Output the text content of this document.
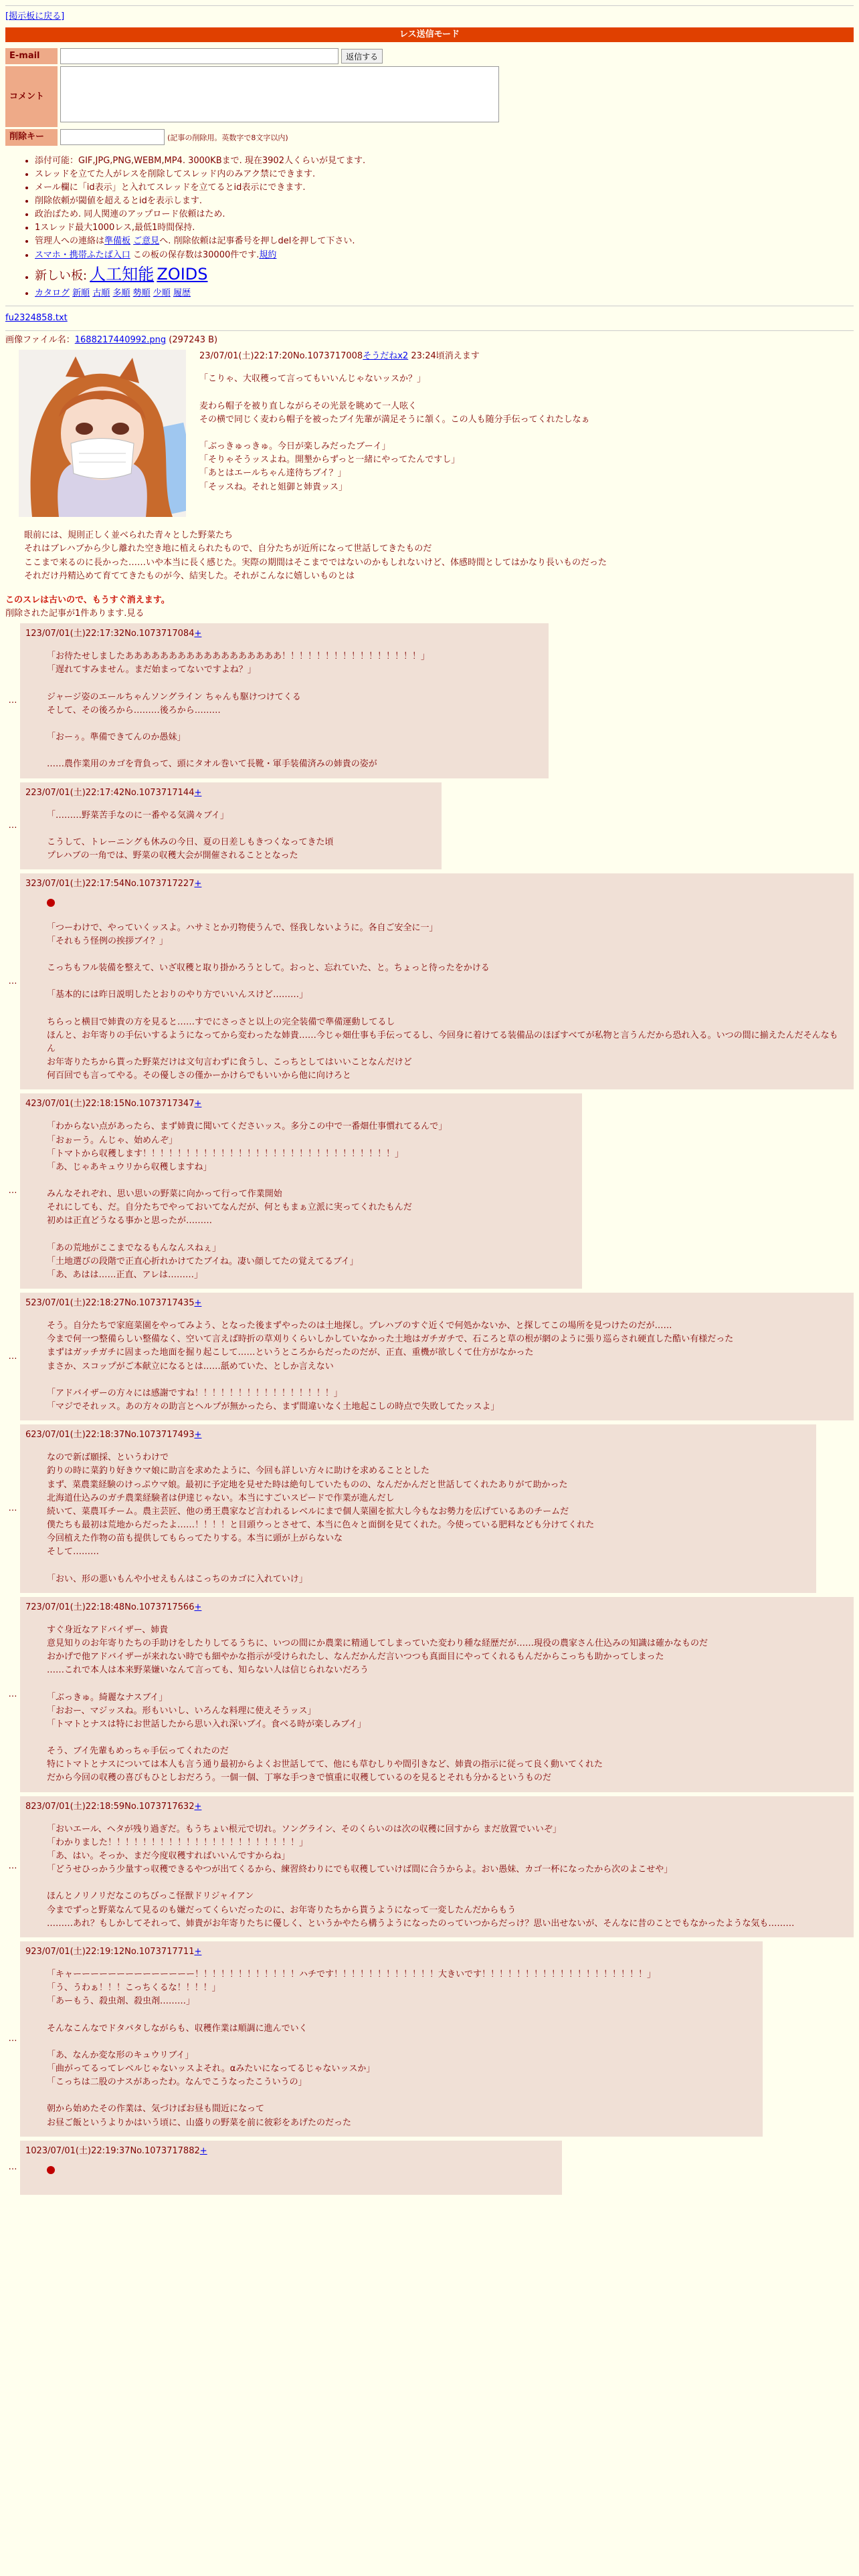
[掲示板に戻る]
レス送信モード
E-mail	返信する
コメント	
削除キー	(記事の削除用。英数字で8文字以内)
• 添付可能：GIF,JPG,PNG,WEBM,MP4. 3000KBまで. 現在3902人くらいが見てます.
• スレッドを立てた人がレスを削除してスレッド内のみアク禁にできます.
• メール欄に「id表示」と入れてスレッドを立てるとid表示にできます.
• 削除依頼が閾値を超えるとidを表示します.
• 政治ばため. 同人関連のアップロード依頼はため.
• 1スレッド最大1000レス,最低1時間保持.
• 管理人への連絡は準備板 ご意見へ. 削除依頼は記事番号を押しdelを押して下さい.
• スマホ・携帯ふたば入口 この板の保存数は30000件です.規約
• 新しい板: 人工知能 ZOIDS
• カタログ 新順 古順 多順 勢順 少順 履歴
fu2324858.txt
画像ファイル名：1688217440992.png (297243 B)
23/07/01(土)22:17:20No.1073717008そうだねx2 23:24頃消えます
「こりゃ、大収穫って言ってもいいんじゃないッスか？」

麦わら帽子を被り直しながらその光景を眺めて一人呟く
その横で同じく麦わら帽子を被ったブイ先輩が満足そうに頷く。この人も随分手伝ってくれたしなぁ

「ぶっきゅっきゅ。今日が楽しみだったブーイ」
「そりゃそうッスよね。開墾からずっと一緒にやってたんですし」
「あとはエールちゃん達待ちブイ？」
「そッスね。それと姐御と姉貴ッス」
眼前には、規則正しく並べられた青々とした野菜たち
それはブレハブから少し離れた空き地に植えられたもので、自分たちが近所になって世話してきたものだ
ここまで来るのに長かった……いや本当に長く感じた。実際の期間はそこまでではないのかもしれないけど、体感時間としてはかなり長いものだった
それだけ丹精込めて育ててきたものが今、結実した。それがこんなに嬉しいものとは
このスレは古いので、もうすぐ消えます。
削除された記事が1件あります.見る
…
123/07/01(土)22:17:32No.1073717084+
「お待たせしましたああああああああああああああああああ！！！！！！！！！！！！！！！！」
「遅れてすみません。まだ始まってないですよね？」

ジャージ姿のエールちゃんソングライン ちゃんも駆けつけてくる
そして、その後ろから………後ろから………

「おーぅ。準備できてんのか愚妹」

……農作業用のカゴを背負って、頭にタオル巻いて長靴・軍手装備済みの姉貴の姿が
…
223/07/01(土)22:17:42No.1073717144+
「………野菜苦手なのに一番やる気満々ブイ」

こうして、トレーニングも休みの今日、夏の日差しもきつくなってきた頃
プレハブの一角では、野菜の収穫大会が開催されることとなった
…
323/07/01(土)22:17:54No.1073717227+
「つーわけで、やっていくッスよ。ハサミとか刃物使うんで、怪我しないように。各自ご安全に一」
「それもう怪例の挨拶ブイ？」

こっちもフル装備を整えて、いざ収穫と取り掛かろうとして。おっと、忘れていた、と。ちょっと待ったをかける

「基本的には昨日説明したとおりのやり方でいいんスけど………」

ちらっと横目で姉貴の方を見ると……すでにさっさと以上の完全装備で準備運動してるし
ほんと、お年寄りの手伝いするようになってから変わったな姉貴……今じゃ畑仕事も手伝ってるし、今回身に着けてる装備品のほぼすべてが私物と言うんだから恐れ入る。いつの間に揃えたんだそんなもん
お年寄りたちから貰った野菜だけは文句言わずに食うし、こっちとしてはいいことなんだけど
何百回でも言ってやる。その優しさの僅かーかけらでもいいから他に向けろと
…
423/07/01(土)22:18:15No.1073717347+
「わからない点があったら、まず姉貴に聞いてくださいッス。多分この中で一番畑仕事慣れてるんで」
「おぉーう。んじゃ、始めんぞ」
「トマトから収穫します！！！！！！！！！！！！！！！！！！！！！！！！！！！！！」
「あ、じゃあキュウリから収穫しますね」

みんなそれぞれ、思い思いの野菜に向かって行って作業開始
それにしても、だ。自分たちでやっておいてなんだが、何ともまぁ立派に実ってくれたもんだ
初めは正直どうなる事かと思ったが………

「あの荒地がここまでなるもんなんスねぇ」
「土地選びの段階で正直心折れかけてたブイね。凄い顔してたの覚えてるブイ」
「あ、あはは……正直、アレは………」
…
523/07/01(土)22:18:27No.1073717435+
そう。自分たちで家庭菜園をやってみよう、となった後まずやったのは土地探し。プレハブのすぐ近くで何処かないか、と探してこの場所を見つけたのだが……
今まで何一つ整備らしい整備なく、空いて言えば時折の草刈りくらいしかしていなかった土地はガチガチで、石ころと草の根が網のように張り巡らされ硬直した酷い有様だった
まずはガッチガチに固まった地面を掘り起こして……というところからだったのだが、正直、重機が欲しくて仕方がなかった
まさか、スコップがご本献立になるとは……舐めていた、としか言えない

「アドバイザーの方々には感謝ですね！！！！！！！！！！！！！！！！」
「マジでそれッス。あの方々の助言とヘルプが無かったら、まず間違いなく土地起こしの時点で失敗してたッスよ」
…
623/07/01(土)22:18:37No.1073717493+
なので新ば願採、というわけで
釣りの時に菜釣り好きウマ娘に助言を求めたように、今回も詳しい方々に助けを求めることとした
まず、菜農業経験のけっぷウマ娘。最初に予定地を見せた時は絶句していたものの、なんだかんだと世話してくれたありがて助かった
北海道仕込みのガチ農業経験者は伊達じゃない。本当にすごいスピードで作業が進んだし
続いて、菜農耳チーム。農主芸匠、他の勇王農家など言われるレベルにまで個人菜園を拡大し今もなお勢力を広げているあのチームだ
僕たちも最初は荒地からだったよ……！！！！と目頭ウっとさせて、本当に色々と面倒を見てくれた。今使っている肥料なども分けてくれた
今回植えた作物の苗も提供してもらってたりする。本当に頭が上がらないな
そして………

「おい、形の悪いもんや小せえもんはこっちのカゴに入れていけ」
…
723/07/01(土)22:18:48No.1073717566+
すぐ身近なアドバイザー、姉貴
意見知りのお年寄りたちの手助けをしたりしてるうちに、いつの間にか農業に精通してしまっていた変わり種な経歴だが……現役の農家さん仕込みの知識は確かなものだ
おかげで他アドバイザーが来れない時でも細やかな指示が受けられたし、なんだかんだ言いつつも真面目にやってくれるもんだからこっちも助かってしまった
……これで本人は本来野菜嫌いなんて言っても、知らない人は信じられないだろう

「ぶっきゅ。綺麗なナスブイ」
「おおー、マジッスね。形もいいし、いろんな料理に使えそうッス」
「トマトとナスは特にお世話したから思い入れ深いブイ。食べる時が楽しみブイ」

そう、ブイ先輩もめっちゃ手伝ってくれたのだ
特にトマトとナスについては本人も言う通り最初からよくお世話してて、他にも草むしりや間引きなど、姉貴の指示に従って良く動いてくれた
だから今回の収穫の喜びもひとしおだろう。一個一個、丁寧な手つきで慎重に収穫しているのを見るとそれも分かるというものだ
…
823/07/01(土)22:18:59No.1073717632+
「おいエール、ヘタが残り過ぎだ。もうちょい根元で切れ。ソングライン、そのくらいのは次の収穫に回すから まだ放置でいいぞ」
「わかりました！！！！！！！！！！！！！！！！！！！！！！」
「あ、はい。そっか、まだ今度収穫すればいいんですからね」
「どうせひっかう少量すっ収穫できるやつが出てくるから、練習終わりにでも収穫していけば間に合うからよ。おい愚妹、カゴ一杯になったから次のよこせや」

ほんとノリノリだなこのちびっこ怪獣ドリジャイアン
今までずっと野菜なんて見るのも嫌だってくらいだったのに、お年寄りたちから貰うようになって一変したんだからもう
………あれ？もしかしてそれって、姉貴がお年寄りたちに優しく、というかやたら構うようになったのっていつからだっけ？思い出せないが、そんなに昔のことでもなかったような気も………
…
923/07/01(土)22:19:12No.1073717711+
「キャーーーーーーーーーーーーーー！！！！！！！！！！！！ハチです！！！！！！！！！！！！大きいです！！！！！！！！！！！！！！！！！！！」
「う、うわぁ！！！こっちくるな！！！！」
「あーもう、殺虫剤、殺虫剤………」

そんなこんなでドタバタしながらも、収穫作業は順調に進んでいく

「あ、なんか変な形のキュウリブイ」
「曲がってるってレベルじゃないッスよそれ。αみたいになってるじゃないッスか」
「こっちは二股のナスがあったわ。なんでこうなったこういうの」

朝から始めたその作業は、気づけばお昼も間近になって
お昼ご飯というよりかはいう頃に、山盛りの野菜を前に彼彩をあげたのだった
…
1023/07/01(土)22:19:37No.1073717882+
